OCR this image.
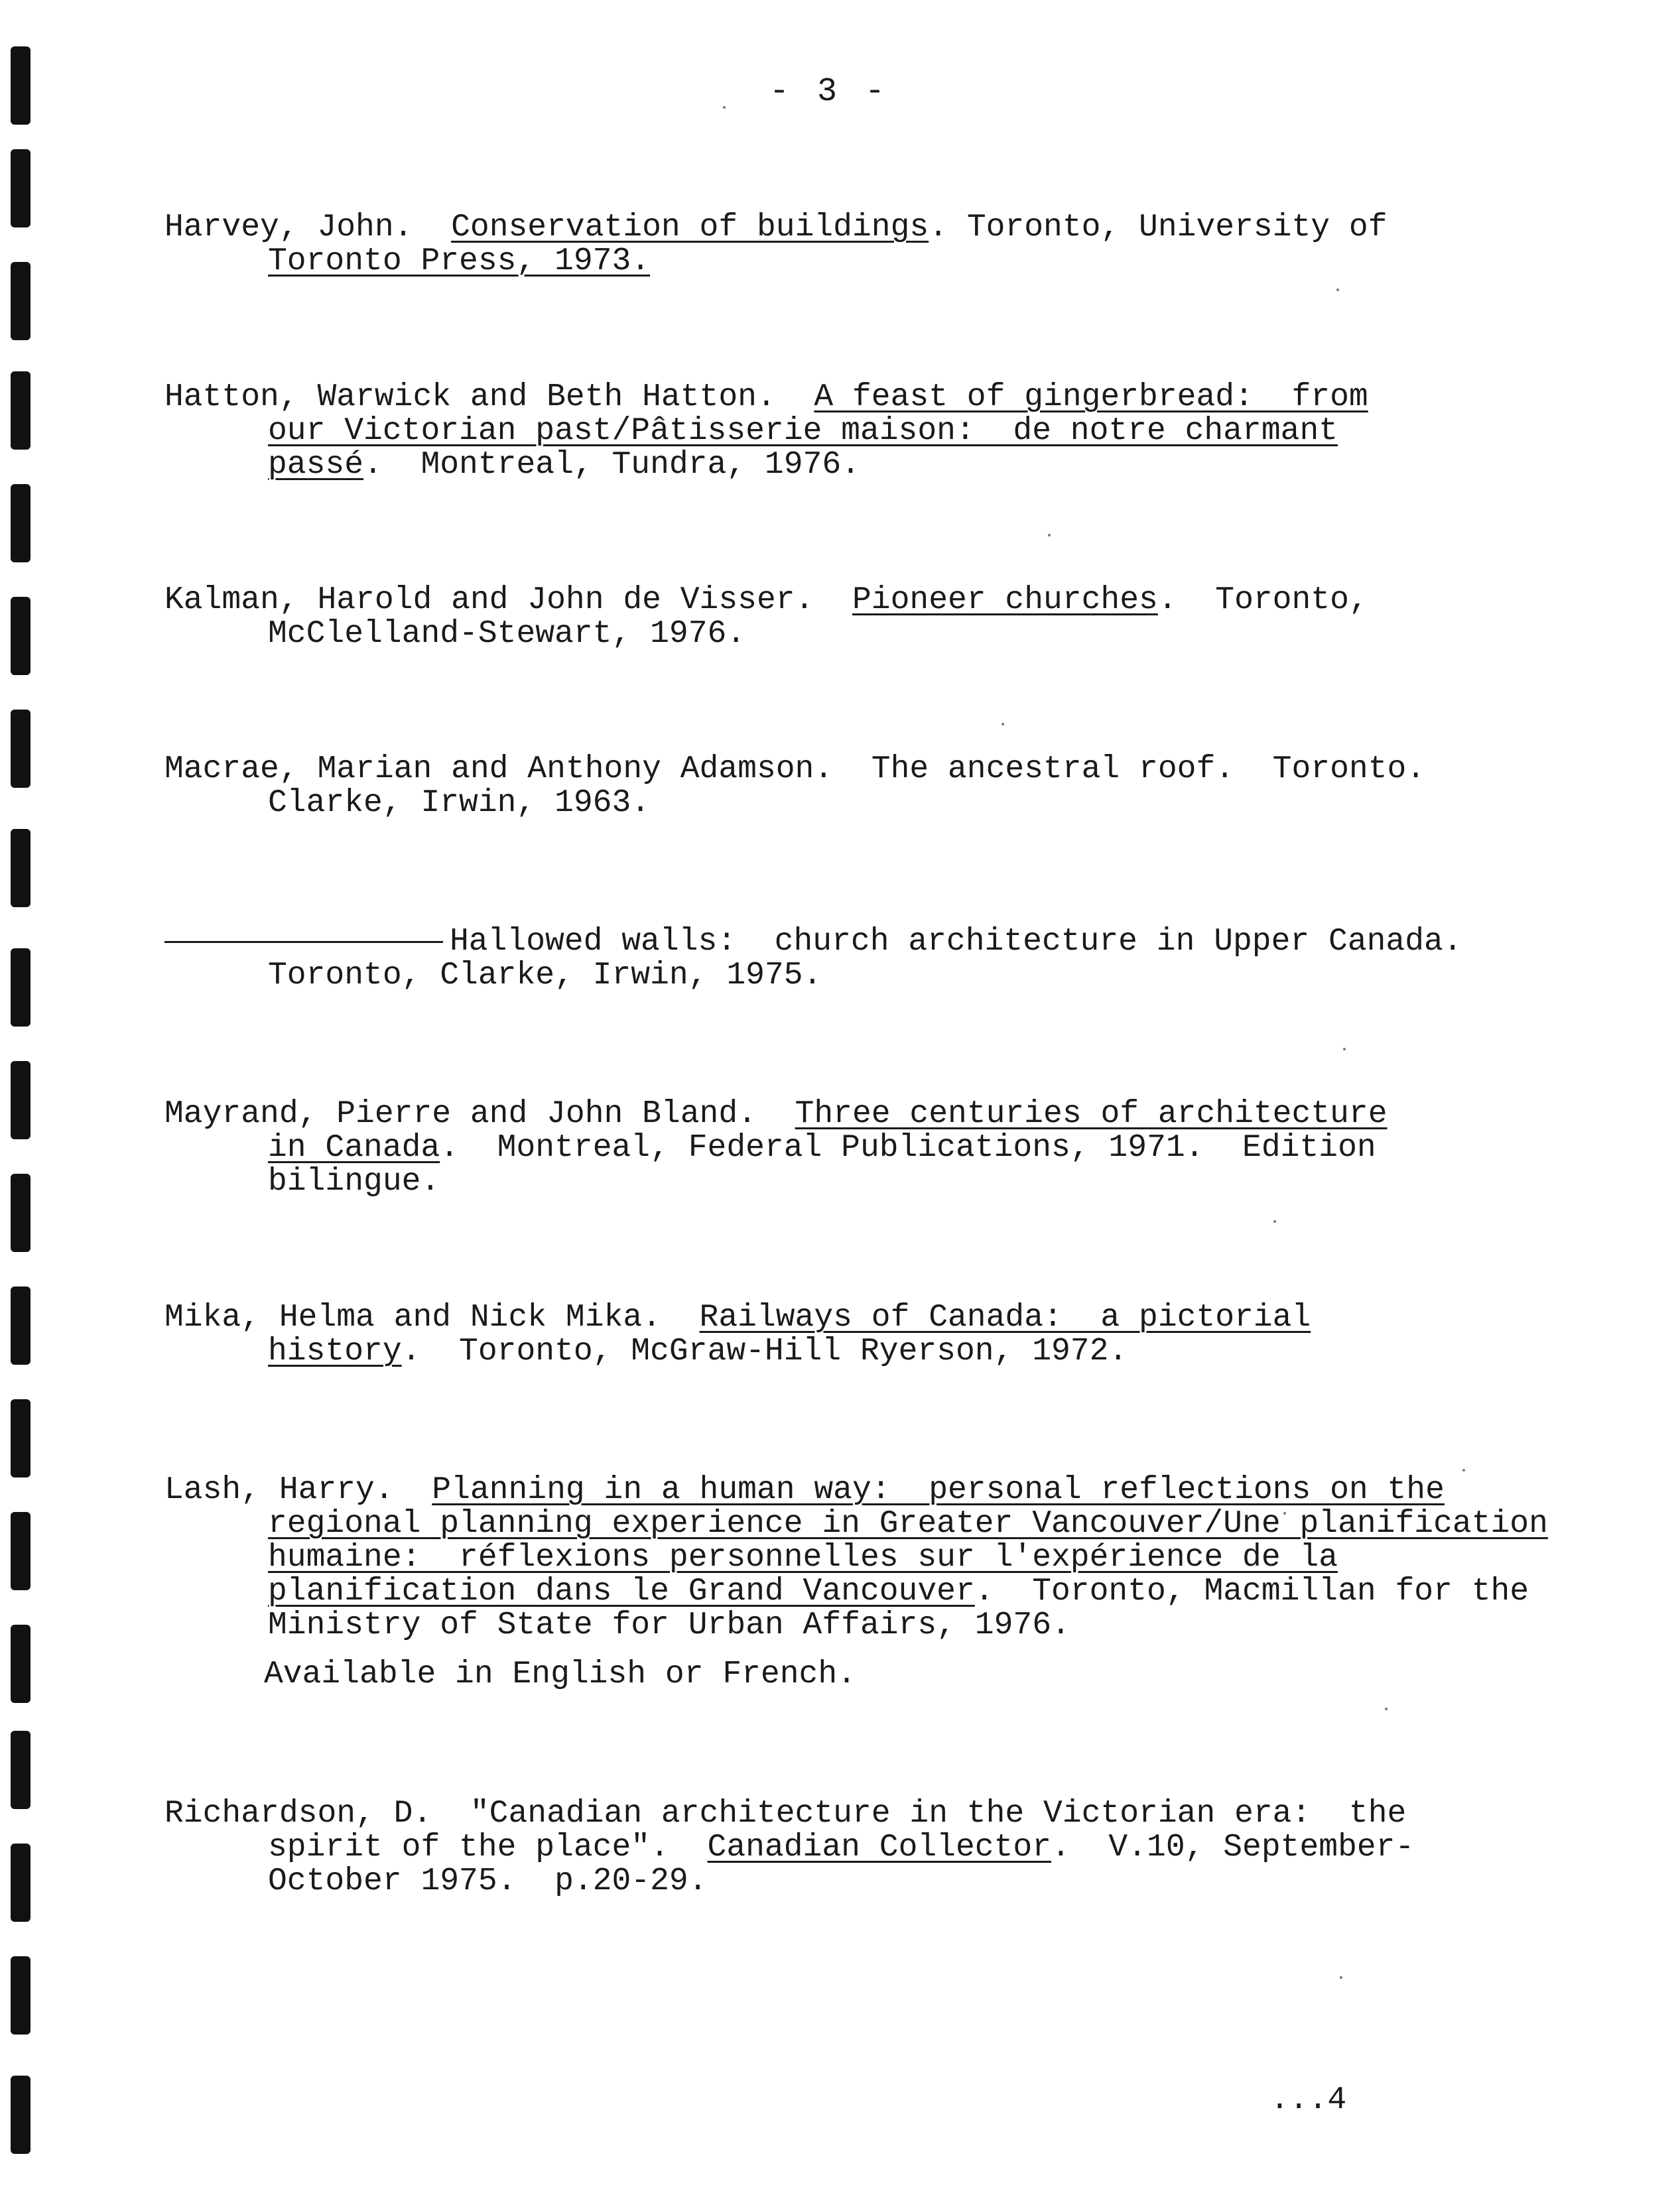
- 3 -
Harvey, John.  Conservation of buildings. Toronto, University of
Toronto Press, 1973.
Hatton, Warwick and Beth Hatton.  A feast of gingerbread:  from
our Victorian past/Pâtisserie maison:  de notre charmant
passé.  Montreal, Tundra, 1976.
Kalman, Harold and John de Visser.  Pioneer churches.  Toronto,
McClelland-Stewart, 1976.
Macrae, Marian and Anthony Adamson.  The ancestral roof.  Toronto.
Clarke, Irwin, 1963.
Hallowed walls:  church architecture in Upper Canada.
Toronto, Clarke, Irwin, 1975.
Mayrand, Pierre and John Bland.  Three centuries of architecture
in Canada.  Montreal, Federal Publications, 1971.  Edition
bilingue.
Mika, Helma and Nick Mika.  Railways of Canada:  a pictorial
history.  Toronto, McGraw-Hill Ryerson, 1972.
Lash, Harry.  Planning in a human way:  personal reflections on the
regional planning experience in Greater Vancouver/Une planification
humaine:  réflexions personnelles sur l'expérience de la
planification dans le Grand Vancouver.  Toronto, Macmillan for the
Ministry of State for Urban Affairs, 1976.
Available in English or French.
Richardson, D.  "Canadian architecture in the Victorian era:  the
spirit of the place".  Canadian Collector.  V.10, September-
October 1975.  p.20-29.
...4
